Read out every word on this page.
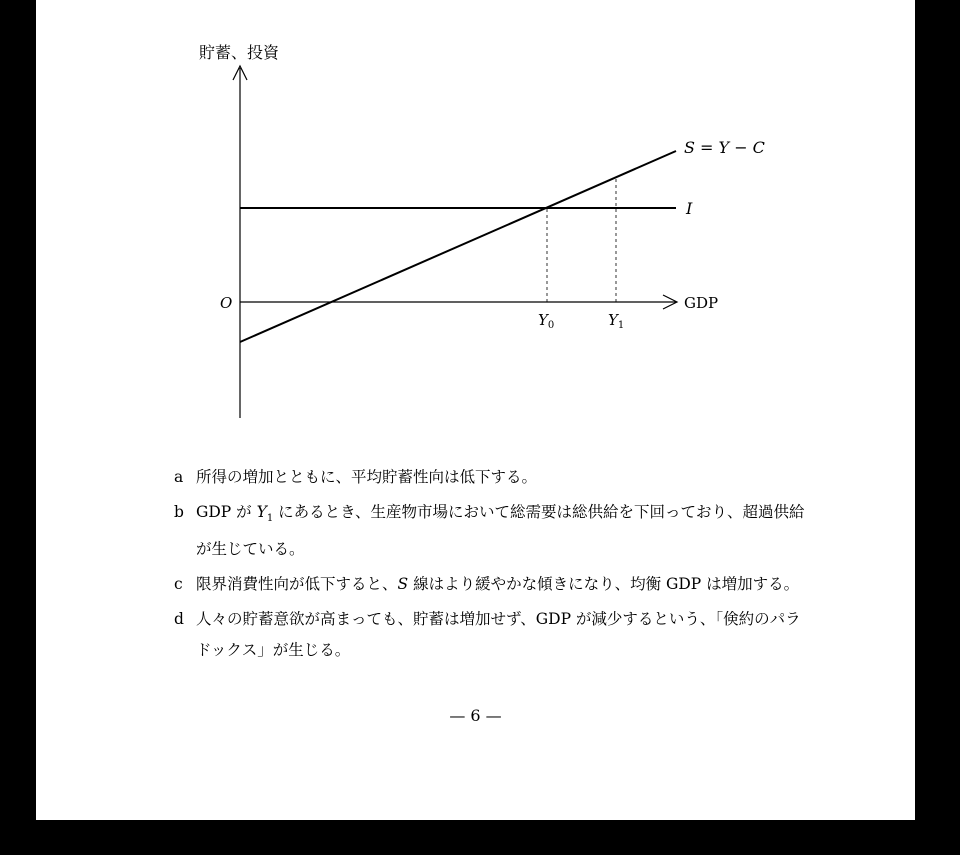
貯蓄、投資
O	GDP
S = Y − C
I
$Y_0$	$Y_1$

a 所得の増加とともに、平均貯蓄性向は低下する。

b GDP が $Y_1$ にあるとき、生産物市場において総需要は総供給を下回っており、超過供給が生じている。

c 限界消費性向が低下すると、S 線はより緩やかな傾きになり、均衡 GDP は増加する。

d 人々の貯蓄意欲が高まっても、貯蓄は増加せず、GDP が減少するという、「倹約のパラドックス」が生じる。

— 6 —
